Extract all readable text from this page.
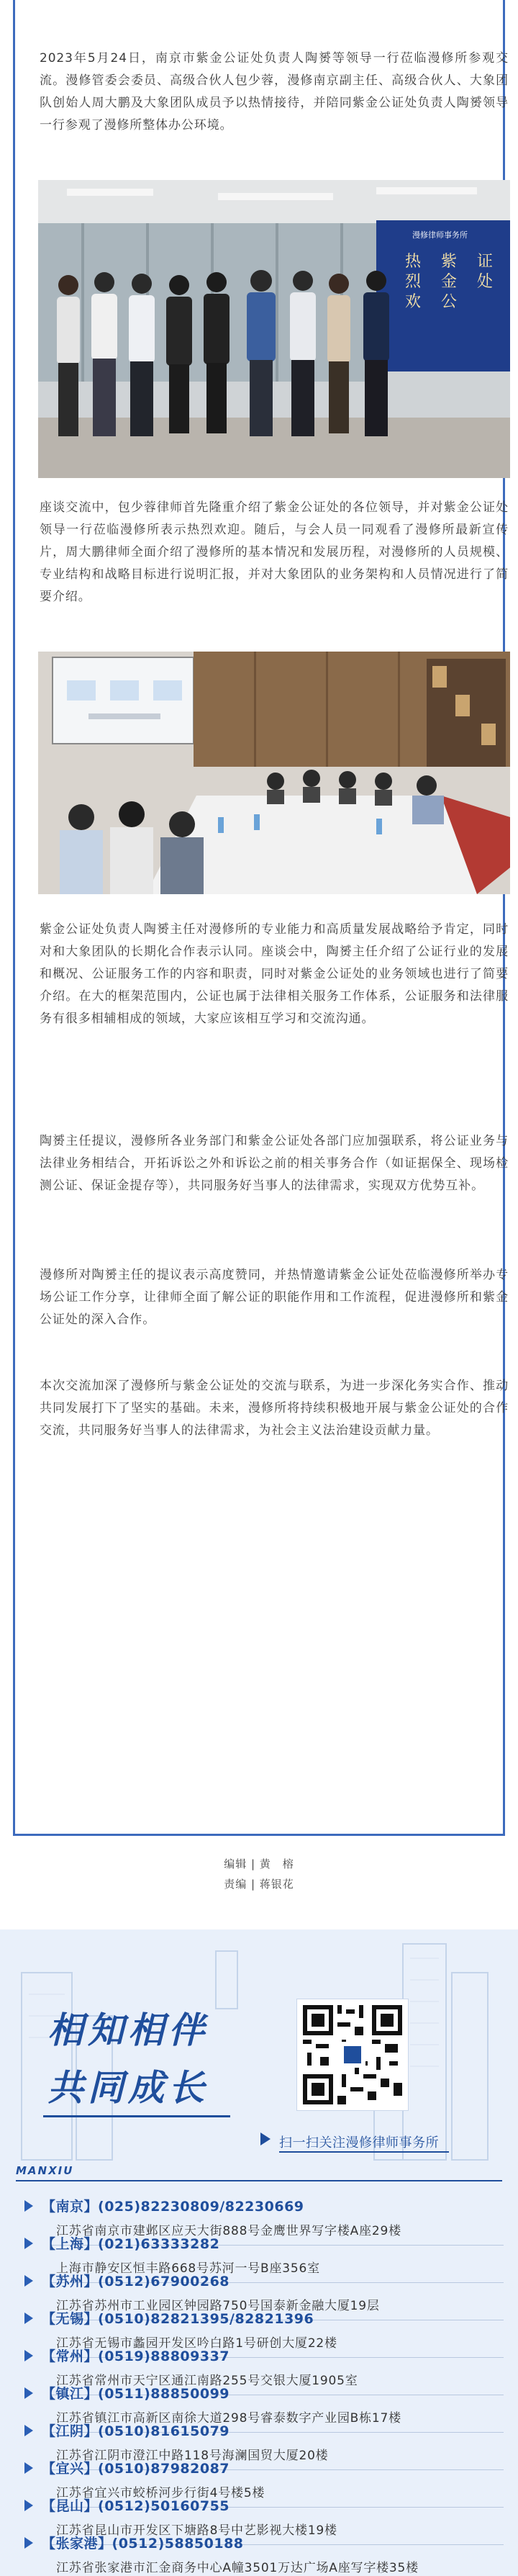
2023年5月24日，南京市紫金公证处负责人陶赟等领导一行莅临漫修所参观交流。漫修管委会委员、高级合伙人包少蓉，漫修南京副主任、高级合伙人、大象团队创始人周大鹏及大象团队成员予以热情接待，并陪同紫金公证处负责人陶赟领导一行参观了漫修所整体办公环境。

漫修律师事务所
热
烈
欢
紫
金
公
证
处

座谈交流中，包少蓉律师首先隆重介绍了紫金公证处的各位领导，并对紫金公证处领导一行莅临漫修所表示热烈欢迎。随后，与会人员一同观看了漫修所最新宣传片，周大鹏律师全面介绍了漫修所的基本情况和发展历程，对漫修所的人员规模、专业结构和战略目标进行说明汇报，并对大象团队的业务架构和人员情况进行了简要介绍。

紫金公证处负责人陶赟主任对漫修所的专业能力和高质量发展战略给予肯定，同时对和大象团队的长期化合作表示认同。座谈会中，陶赟主任介绍了公证行业的发展和概况、公证服务工作的内容和职责，同时对紫金公证处的业务领域也进行了简要介绍。在大的框架范围内，公证也属于法律相关服务工作体系，公证服务和法律服务有很多相辅相成的领域，大家应该相互学习和交流沟通。

陶赟主任提议，漫修所各业务部门和紫金公证处各部门应加强联系，将公证业务与法律业务相结合，开拓诉讼之外和诉讼之前的相关事务合作（如证据保全、现场检测公证、保证金提存等），共同服务好当事人的法律需求，实现双方优势互补。

漫修所对陶赟主任的提议表示高度赞同，并热情邀请紫金公证处莅临漫修所举办专场公证工作分享，让律师全面了解公证的职能作用和工作流程，促进漫修所和紫金公证处的深入合作。

本次交流加深了漫修所与紫金公证处的交流与联系，为进一步深化务实合作、推动共同发展打下了坚实的基础。未来，漫修所将持续积极地开展与紫金公证处的合作交流，共同服务好当事人的法律需求，为社会主义法治建设贡献力量。

编辑 | 黄　榕
责编 | 蒋银花
相知相伴
共同成长
扫一扫关注漫修律师事务所
MANXIU
【南京】(025)82230809/82230669
江苏省南京市建邺区应天大街888号金鹰世界写字楼A座29楼
【上海】(021)63333282
上海市静安区恒丰路668号苏河一号B座356室
【苏州】(0512)67900268
江苏省苏州市工业园区钟园路750号国泰新金融大厦19层
【无锡】(0510)82821395/82821396
江苏省无锡市蠡园开发区吟白路1号研创大厦22楼
【常州】(0519)88809337
江苏省常州市天宁区通江南路255号交银大厦1905室
【镇江】(0511)88850099
江苏省镇江市高新区南徐大道298号睿泰数字产业园B栋17楼
【江阴】(0510)81615079
江苏省江阴市澄江中路118号海澜国贸大厦20楼
【宜兴】(0510)87982087
江苏省宜兴市蛟桥河步行街4号楼5楼
【昆山】(0512)50160755
江苏省昆山市开发区下塘路8号中艺影视大楼19楼
【张家港】(0512)58850188
江苏省张家港市汇金商务中心A幢3501万达广场A座写字楼35楼
